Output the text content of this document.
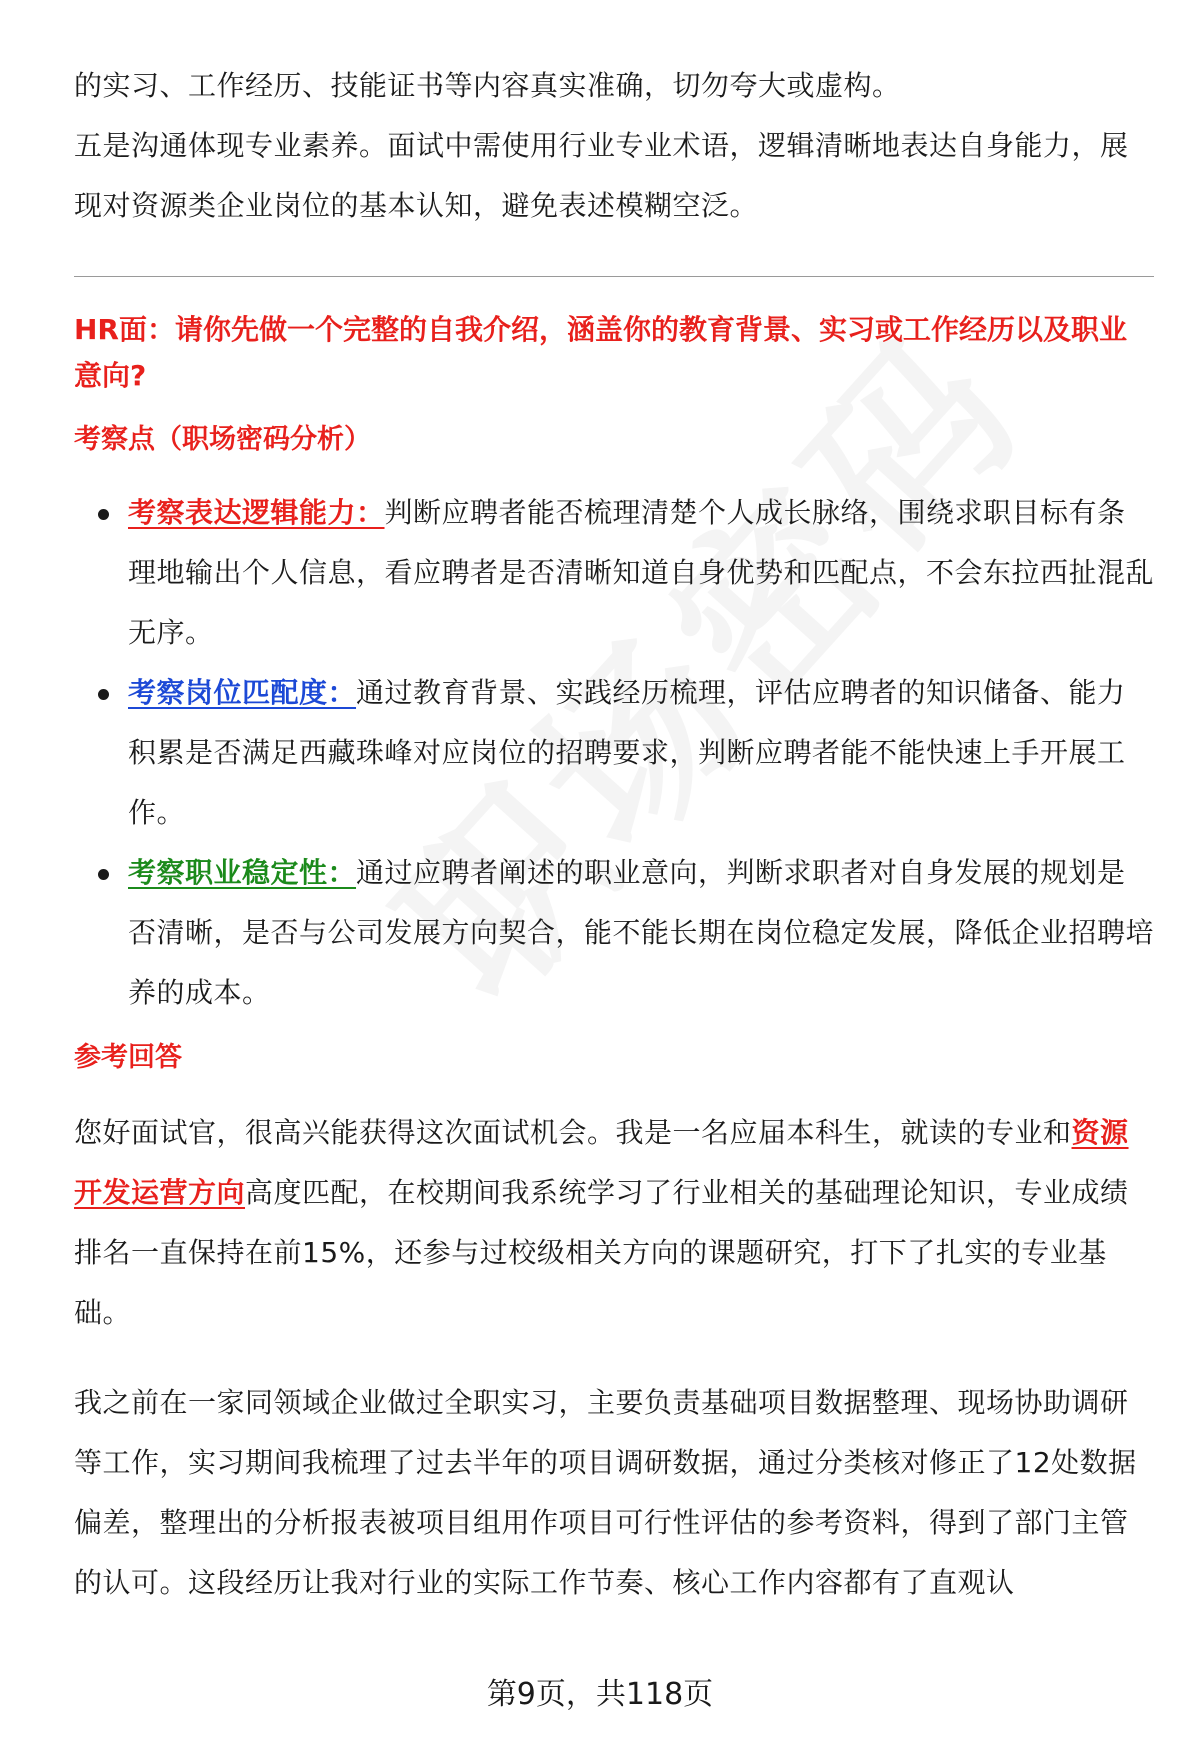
的实习、工作经历、技能证书等内容真实准确，切勿夸大或虚构。

五是沟通体现专业素养。面试中需使用行业专业术语，逻辑清晰地表达自身能力，展现对资源类企业岗位的基本认知，避免表述模糊空泛。

HR面：请你先做一个完整的自我介绍，涵盖你的教育背景、实习或工作经历以及职业意向?

考察点（职场密码分析）

考察表达逻辑能力：判断应聘者能否梳理清楚个人成长脉络，围绕求职目标有条理地输出个人信息，看应聘者是否清晰知道自身优势和匹配点，不会东拉西扯混乱无序。
考察岗位匹配度：通过教育背景、实践经历梳理，评估应聘者的知识储备、能力积累是否满足西藏珠峰对应岗位的招聘要求，判断应聘者能不能快速上手开展工作。
考察职业稳定性：通过应聘者阐述的职业意向，判断求职者对自身发展的规划是否清晰，是否与公司发展方向契合，能不能长期在岗位稳定发展，降低企业招聘培养的成本。

参考回答

您好面试官，很高兴能获得这次面试机会。我是一名应届本科生，就读的专业和资源开发运营方向高度匹配，在校期间我系统学习了行业相关的基础理论知识，专业成绩排名一直保持在前15%，还参与过校级相关方向的课题研究，打下了扎实的专业基础。

我之前在一家同领域企业做过全职实习，主要负责基础项目数据整理、现场协助调研等工作，实习期间我梳理了过去半年的项目调研数据，通过分类核对修正了12处数据偏差，整理出的分析报表被项目组用作项目可行性评估的参考资料，得到了部门主管的认可。这段经历让我对行业的实际工作节奏、核心工作内容都有了直观认

第9页，共118页
